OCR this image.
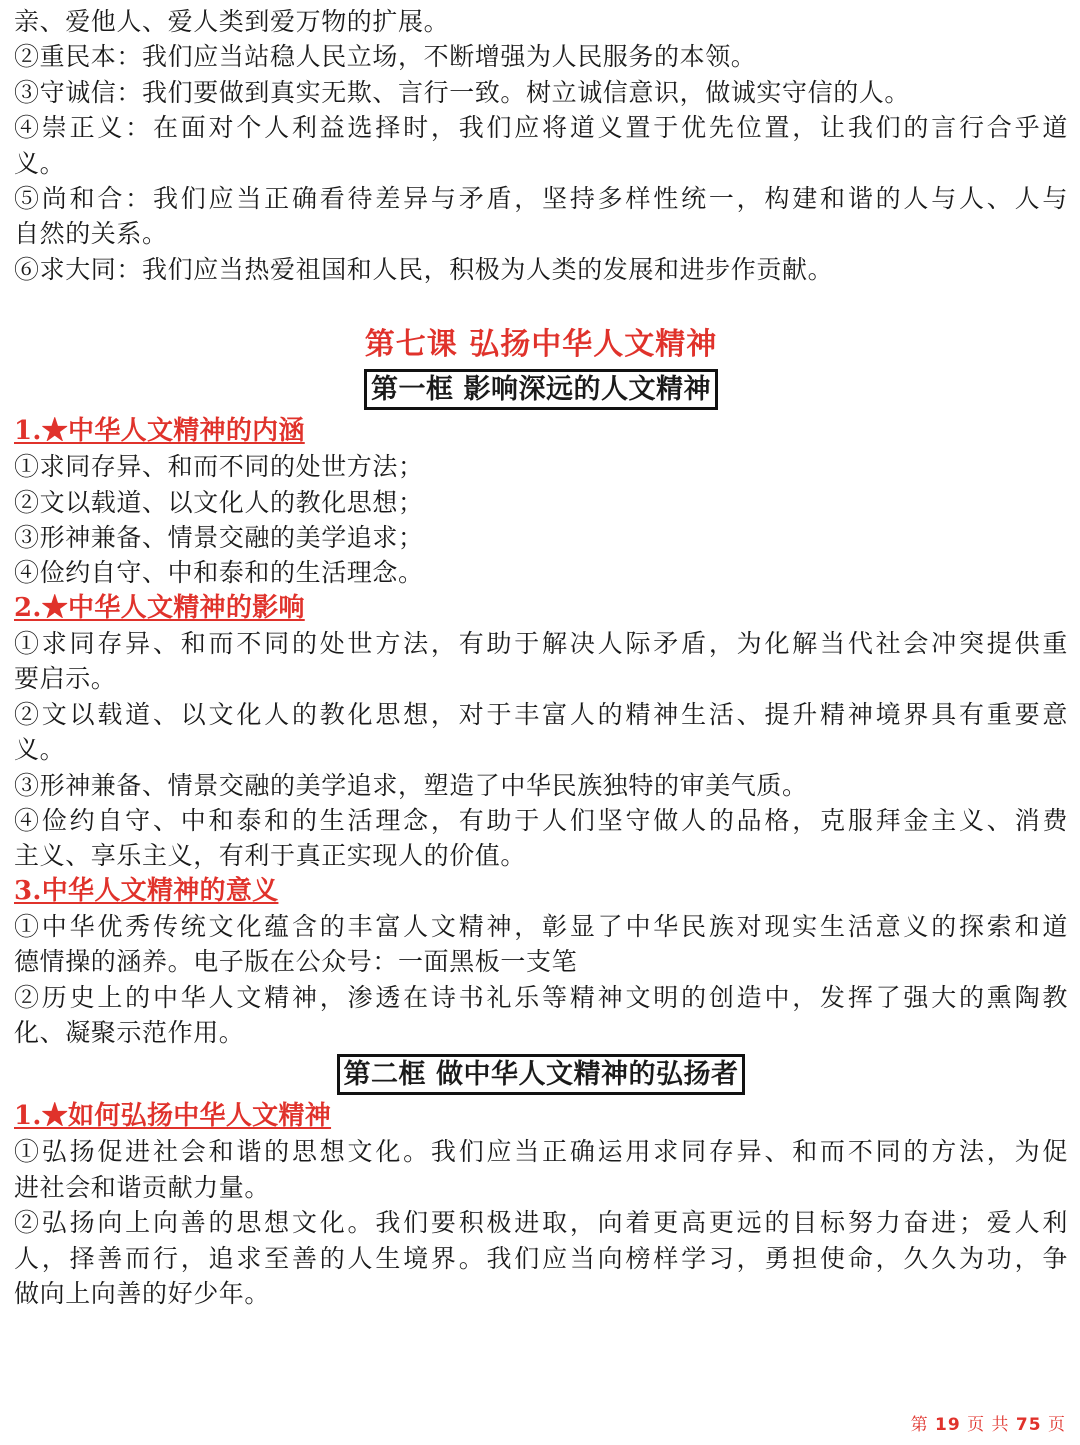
亲、爱他人、爱人类到爱万物的扩展。
②重民本：我们应当站稳人民立场，不断增强为人民服务的本领。
③守诚信：我们要做到真实无欺、言行一致。树立诚信意识，做诚实守信的人。
④崇正义：在面对个人利益选择时，我们应将道义置于优先位置，让我们的言行合乎道
义。
⑤尚和合：我们应当正确看待差异与矛盾，坚持多样性统一，构建和谐的人与人、人与
自然的关系。
⑥求大同：我们应当热爱祖国和人民，积极为人类的发展和进步作贡献。
第七课 弘扬中华人文精神
第一框 影响深远的人文精神
1.★中华人文精神的内涵
①求同存异、和而不同的处世方法；
②文以载道、以文化人的教化思想；
③形神兼备、情景交融的美学追求；
④俭约自守、中和泰和的生活理念。
2.★中华人文精神的影响
①求同存异、和而不同的处世方法，有助于解决人际矛盾，为化解当代社会冲突提供重
要启示。
②文以载道、以文化人的教化思想，对于丰富人的精神生活、提升精神境界具有重要意
义。
③形神兼备、情景交融的美学追求，塑造了中华民族独特的审美气质。
④俭约自守、中和泰和的生活理念，有助于人们坚守做人的品格，克服拜金主义、消费
主义、享乐主义，有利于真正实现人的价值。
3.中华人文精神的意义
①中华优秀传统文化蕴含的丰富人文精神，彰显了中华民族对现实生活意义的探索和道
德情操的涵养。电子版在公众号：一面黑板一支笔
②历史上的中华人文精神，渗透在诗书礼乐等精神文明的创造中，发挥了强大的熏陶教
化、凝聚示范作用。
第二框 做中华人文精神的弘扬者
1.★如何弘扬中华人文精神
①弘扬促进社会和谐的思想文化。我们应当正确运用求同存异、和而不同的方法，为促
进社会和谐贡献力量。
②弘扬向上向善的思想文化。我们要积极进取，向着更高更远的目标努力奋进；爱人利
人，择善而行，追求至善的人生境界。我们应当向榜样学习，勇担使命，久久为功，争
做向上向善的好少年。
第 19 页 共 75 页
